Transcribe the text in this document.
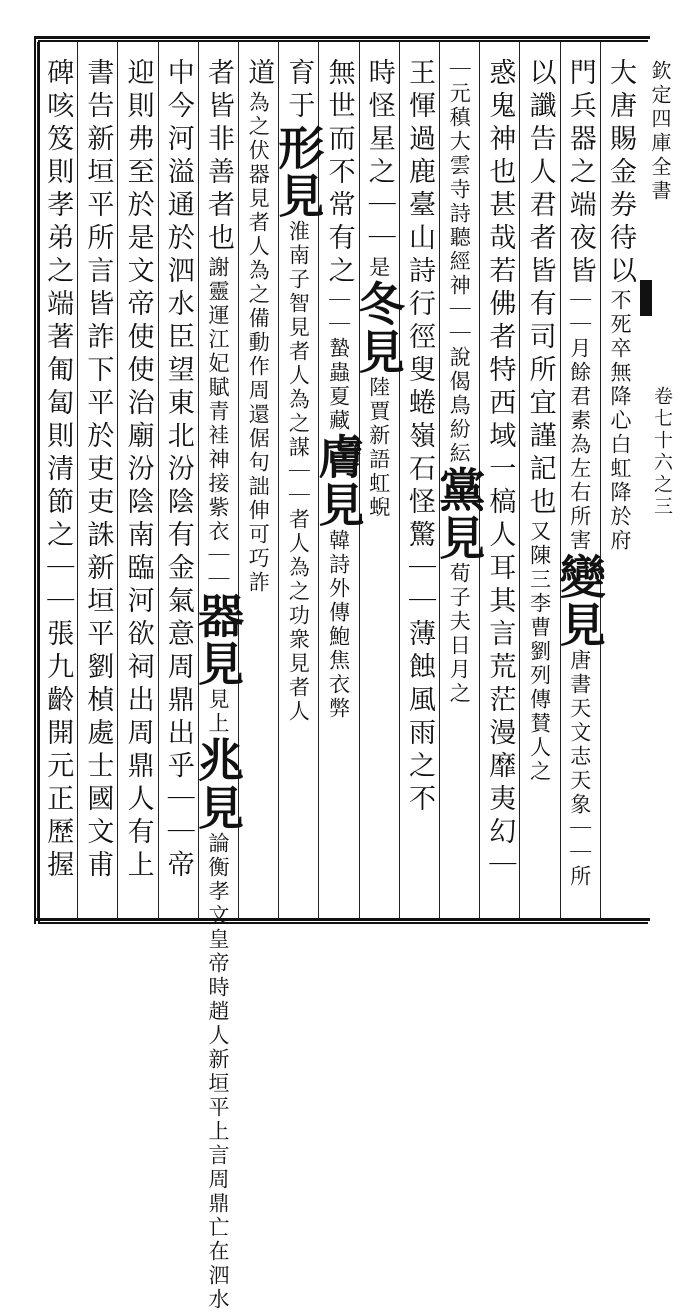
欽定四庫全書
卷七十六之三
大唐賜金券待以不死卒無降心白虹降於府
門兵器之端夜皆｜｜月餘君素為左右所害變見唐書天文志天象｜｜所
以讖告人君者皆有司所宜謹記也又陳三李曹劉列傳賛人之
惑鬼神也甚哉若佛者特西域一槁人耳其言荒茫漫靡夷幻｜
｜元稹大雲寺詩聽經神｜｜說偈鳥紛紜黨見荀子夫日月之
王惲過鹿臺山詩行徑叟蜷嶺石怪驚｜｜薄蝕風雨之不
時怪星之｜｜是冬見陸賈新語虹蜺
無世而不常有之｜｜蟄蟲夏藏膚見韓詩外傳鮑焦衣弊
育于形見淮南子智見者人為之謀｜｜者人為之功衆見者人
道為之伏器見者人為之備動作周還倨句詘伸可巧詐
者皆非善者也謝靈運江妃賦青袿神接紫衣｜｜器見見上兆見論衡孝文皇帝時趙人新垣平上言周鼎亡在泗水
中今河溢通於泗水臣望東北汾陰有金氣意周鼎出乎｜｜帝
迎則弗至於是文帝使使治廟汾陰南臨河欲祠出周鼎人有上
書告新垣平所言皆詐下平於吏吏誅新垣平劉楨處士國文甫
碑咳笈則孝弟之端著匍匐則清節之｜｜張九齡開元正歷握
